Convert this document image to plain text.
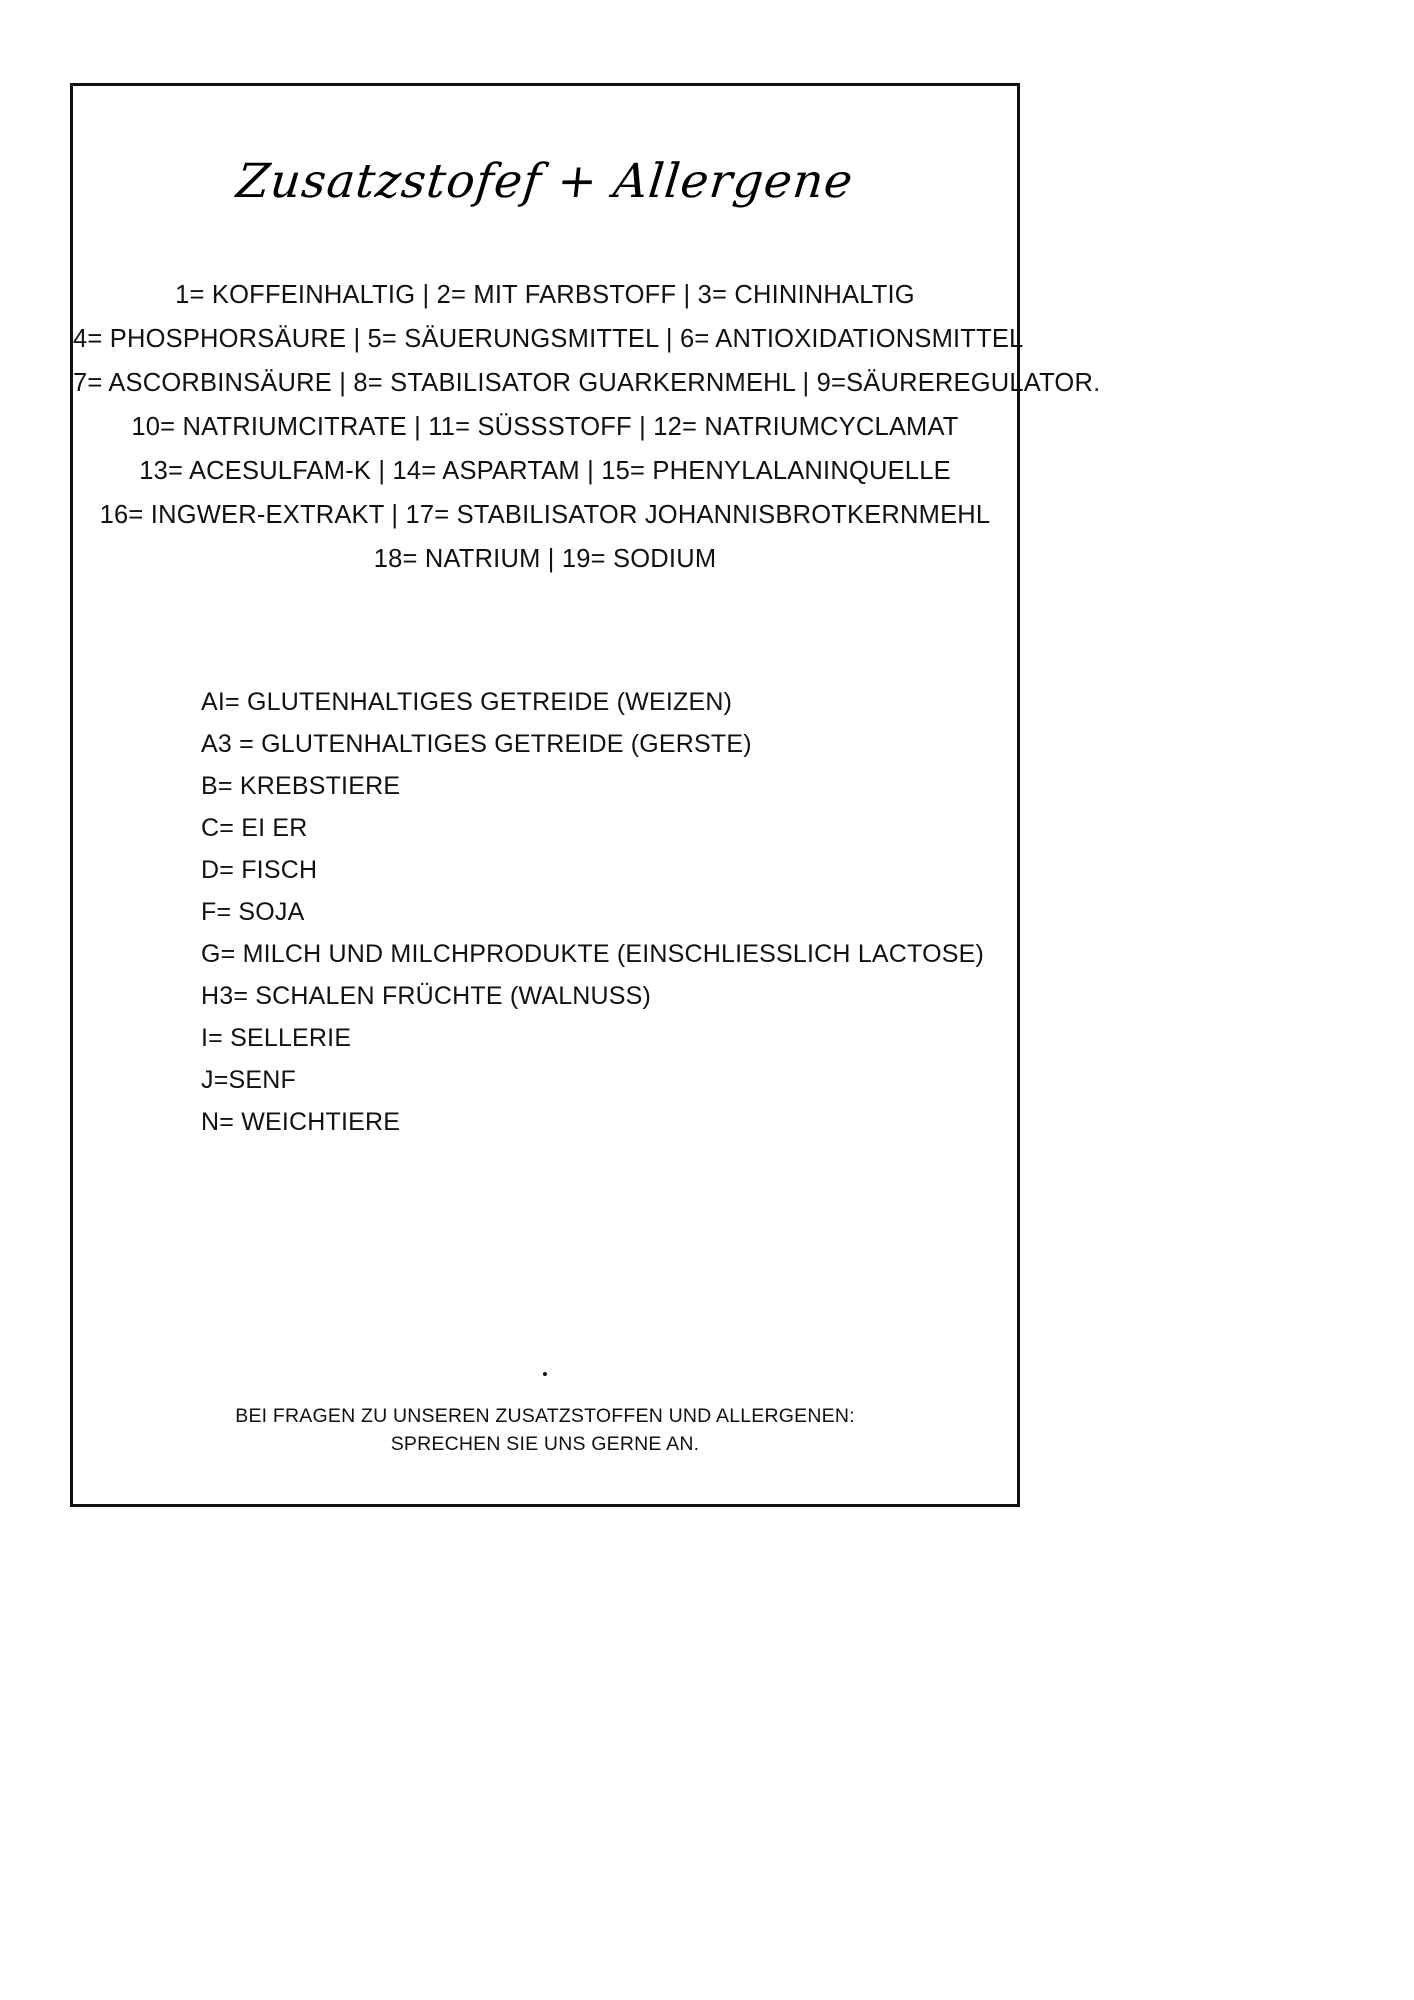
Zusatzstofef + Allergene
1= KOFFEINHALTIG | 2= MIT FARBSTOFF | 3= CHININHALTIG
4= PHOSPHORSÄURE | 5= SÄUERUNGSMITTEL | 6= ANTIOXIDATIONSMITTEL
7= ASCORBINSÄURE | 8= STABILISATOR GUARKERNMEHL | 9=SÄUREREGULATOR.
10= NATRIUMCITRATE | 11= SÜSSSTOFF | 12= NATRIUMCYCLAMAT
13= ACESULFAM-K | 14= ASPARTAM | 15= PHENYLALANINQUELLE
16= INGWER-EXTRAKT | 17= STABILISATOR JOHANNISBROTKERNMEHL
18= NATRIUM | 19= SODIUM
AI= GLUTENHALTIGES GETREIDE (WEIZEN)
A3 = GLUTENHALTIGES GETREIDE (GERSTE)
B= KREBSTIERE
C= EI ER
D= FISCH
F= SOJA
G= MILCH UND MILCHPRODUKTE (EINSCHLIESSLICH LACTOSE)
H3= SCHALEN FRÜCHTE (WALNUSS)
I= SELLERIE
J=SENF
N= WEICHTIERE
BEI FRAGEN ZU UNSEREN ZUSATZSTOFFEN UND ALLERGENEN:
SPRECHEN SIE UNS GERNE AN.
